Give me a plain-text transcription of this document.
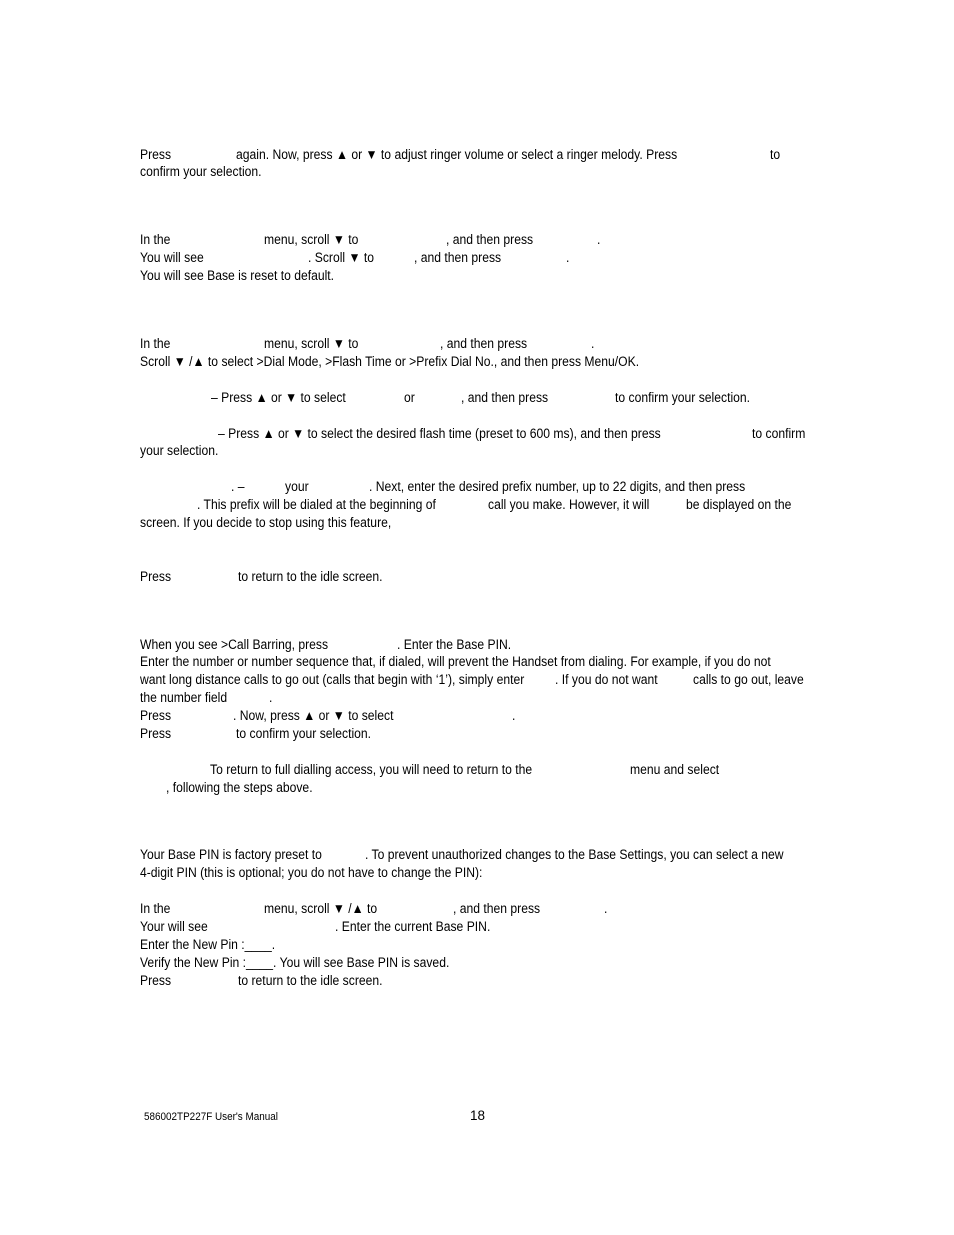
Press	again. Now, press ▲ or ▼ to adjust ringer volume or select a ringer melody. Press	to
confirm your selection.
In the	menu, scroll ▼ to	, and then press	.
You will see	. Scroll ▼ to	, and then press	.
You will see Base is reset to default.
In the	menu, scroll ▼ to	, and then press	.
Scroll ▼ /▲ to select >Dial Mode, >Flash Time or >Prefix Dial No., and then press Menu/OK.
– Press ▲ or ▼ to select	or	, and then press	to confirm your selection.
– Press ▲ or ▼ to select the desired flash time (preset to 600 ms), and then press	to confirm
your selection.
. –	your	. Next, enter the desired prefix number, up to 22 digits, and then press
. This prefix will be dialed at the beginning of	call you make. However, it will	be displayed on the
screen. If you decide to stop using this feature,
Press	to return to the idle screen.
When you see >Call Barring, press	. Enter the Base PIN.
Enter the number or number sequence that, if dialed, will prevent the Handset from dialing. For example, if you do not
want long distance calls to go out (calls that begin with ‘1’), simply enter . If you do not want	calls to go out, leave
the number field	.
Press	. Now, press ▲ or ▼ to select	.
Press	to confirm your selection.
To return to full dialling access, you will need to return to the	menu and select
, following the steps above.
Your Base PIN is factory preset to	. To prevent unauthorized changes to the Base Settings, you can select a new
4-digit PIN (this is optional; you do not have to change the PIN):
In the	menu, scroll ▼ /▲ to	, and then press	.
Your will see	. Enter the current Base PIN.
Enter the New Pin :____.
Verify the New Pin :____. You will see Base PIN is saved.
Press	to return to the idle screen.
586002TP227F User's Manual	18
